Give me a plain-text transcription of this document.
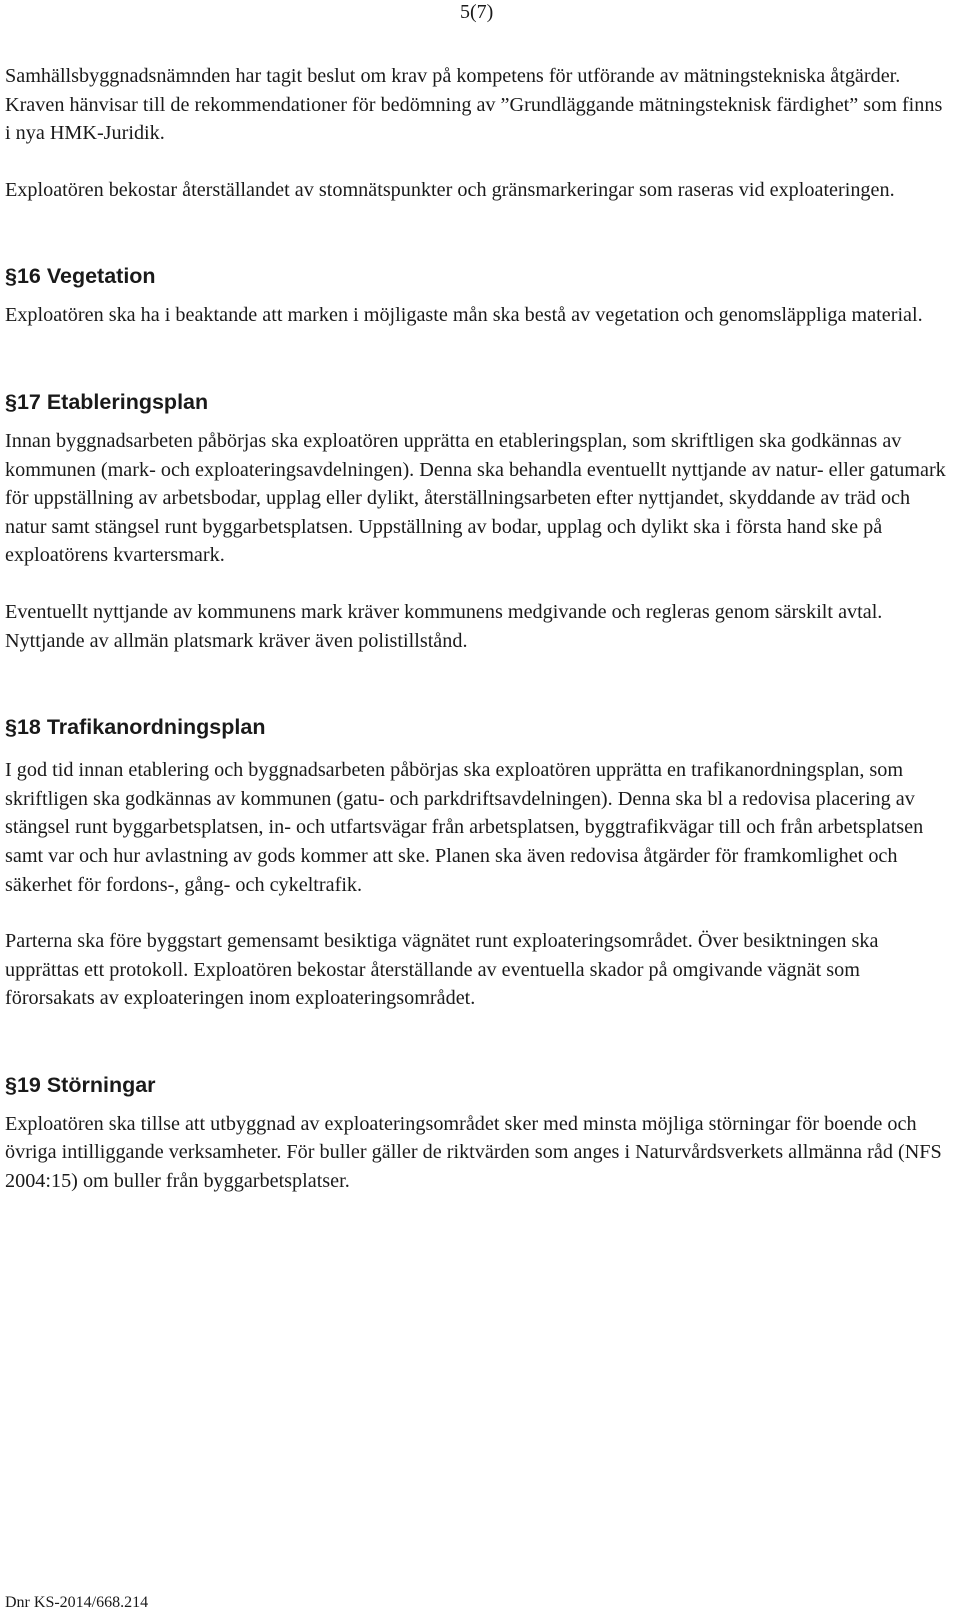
5(7)

Samhällsbyggnadsnämnden har tagit beslut om krav på kompetens för utförande av mätningstekniska åtgärder. Kraven hänvisar till de rekommendationer för bedömning av ”Grundläggande mätningsteknisk färdighet” som finns i nya HMK-Juridik.

Exploatören bekostar återställandet av stomnätspunkter och gränsmarkeringar som raseras vid exploateringen.

§16 Vegetation

Exploatören ska ha i beaktande att marken i möjligaste mån ska bestå av vegetation och genomsläppliga material.

§17 Etableringsplan

Innan byggnadsarbeten påbörjas ska exploatören upprätta en etableringsplan, som skriftligen ska godkännas av kommunen (mark- och exploateringsavdelningen). Denna ska behandla eventuellt nyttjande av natur- eller gatumark för uppställning av arbetsbodar, upplag eller dylikt, återställningsarbeten efter nyttjandet, skyddande av träd och natur samt stängsel runt byggarbetsplatsen. Uppställning av bodar, upplag och dylikt ska i första hand ske på exploatörens kvartersmark.

Eventuellt nyttjande av kommunens mark kräver kommunens medgivande och regleras genom särskilt avtal. Nyttjande av allmän platsmark kräver även polistillstånd.

§18 Trafikanordningsplan

I god tid innan etablering och byggnadsarbeten påbörjas ska exploatören upprätta en trafikanordningsplan, som skriftligen ska godkännas av kommunen (gatu- och parkdriftsavdelningen). Denna ska bl a redovisa placering av stängsel runt byggarbetsplatsen, in- och utfartsvägar från arbetsplatsen, byggtrafikvägar till och från arbetsplatsen samt var och hur avlastning av gods kommer att ske. Planen ska även redovisa åtgärder för framkomlighet och säkerhet för fordons-, gång- och cykeltrafik.

Parterna ska före byggstart gemensamt besiktiga vägnätet runt exploateringsområdet. Över besiktningen ska upprättas ett protokoll. Exploatören bekostar återställande av eventuella skador på omgivande vägnät som förorsakats av exploateringen inom exploateringsområdet.

§19 Störningar

Exploatören ska tillse att utbyggnad av exploateringsområdet sker med minsta möjliga störningar för boende och övriga intilliggande verksamheter. För buller gäller de riktvärden som anges i Naturvårdsverkets allmänna råd (NFS 2004:15) om buller från byggarbetsplatser.

Dnr KS-2014/668.214
